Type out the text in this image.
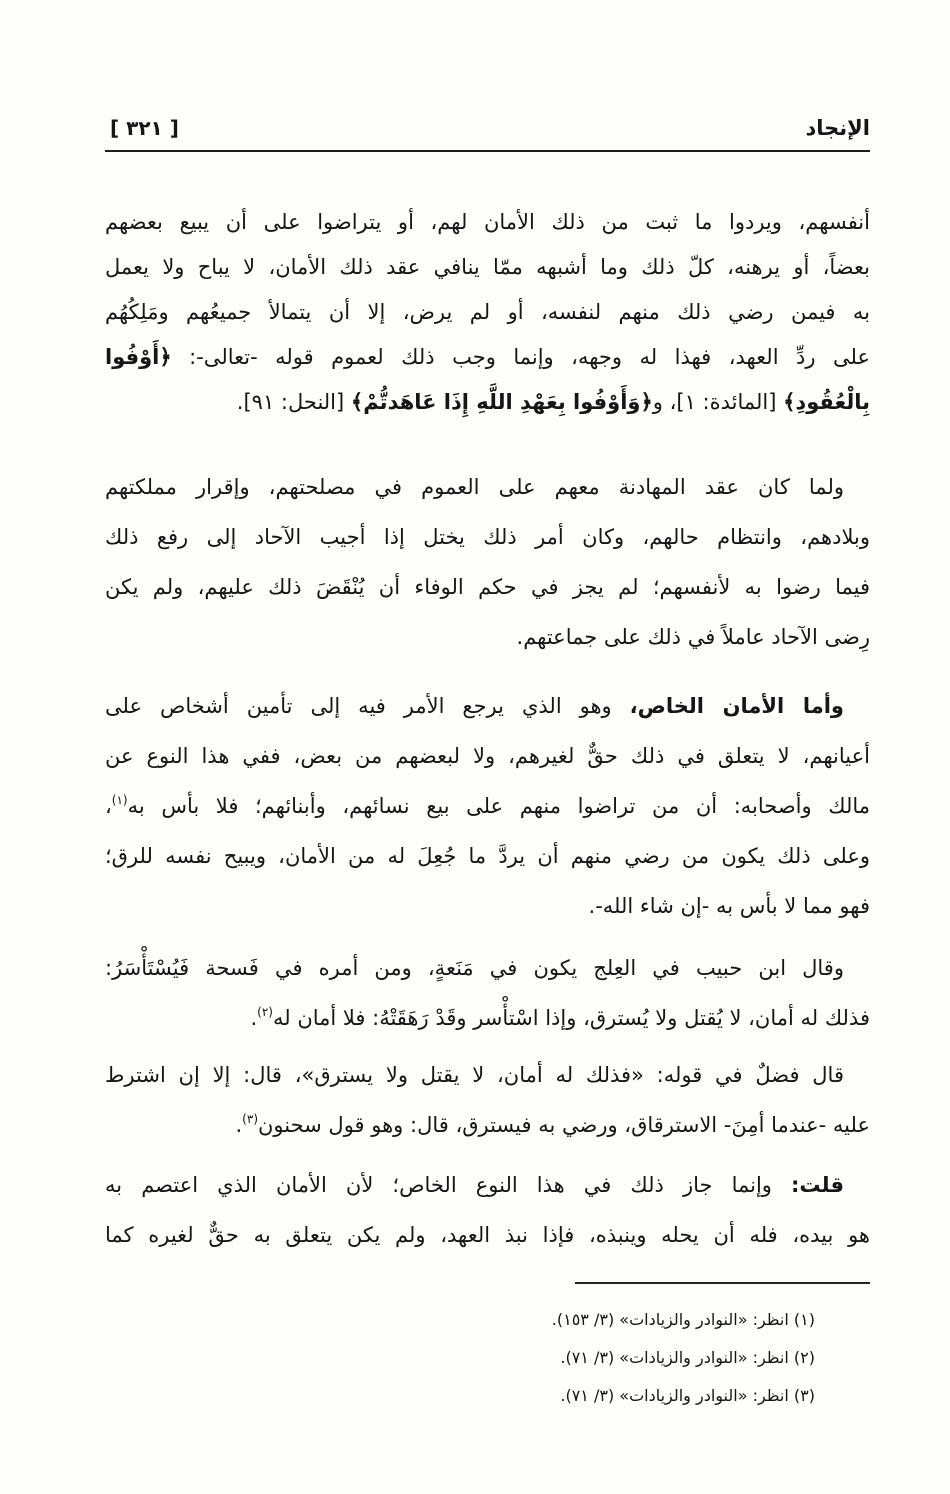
الإنجاد
[ ٣٢١ ]
أنفسهم، ويردوا ما ثبت من ذلك الأمان لهم، أو يتراضوا على أن يبيع بعضهم
بعضاً، أو يرهنه، كلّ ذلك وما أشبهه ممّا ينافي عقد ذلك الأمان، لا يباح ولا يعمل
به فيمن رضي ذلك منهم لنفسه، أو لم يرض، إلا أن يتمالأ جميعُهم ومَلِكُهُم
على ردِّ العهد، فهذا له وجهه، وإنما وجب ذلك لعموم قوله -تعالى-: ﴿أَوْفُوا
بِالْعُقُودِ﴾ [المائدة: ١]، و﴿وَأَوْفُوا بِعَهْدِ اللَّهِ إِذَا عَاهَدتُّمْ﴾ [النحل: ٩١].
ولما كان عقد المهادنة معهم على العموم في مصلحتهم، وإقرار مملكتهم
وبلادهم، وانتظام حالهم، وكان أمر ذلك يختل إذا أجيب الآحاد إلى رفع ذلك
فيما رضوا به لأنفسهم؛ لم يجز في حكم الوفاء أن يُنْقَضَ ذلك عليهم، ولم يكن
رِضى الآحاد عاملاً في ذلك على جماعتهم.
وأما الأمان الخاص، وهو الذي يرجع الأمر فيه إلى تأمين أشخاص على
أعيانهم، لا يتعلق في ذلك حقٌّ لغيرهم، ولا لبعضهم من بعض، ففي هذا النوع عن
مالك وأصحابه: أن من تراضوا منهم على بيع نسائهم، وأبنائهم؛ فلا بأس به$^{(١)}$،
وعلى ذلك يكون من رضي منهم أن يردَّ ما جُعِلَ له من الأمان، ويبيح نفسه للرق؛
فهو مما لا بأس به -إن شاء الله-.
وقال ابن حبيب في العِلج يكون في مَنَعةٍ، ومن أمره في فَسحة فَيُسْتَأْسَرُ:
فذلك له أمان، لا يُقتل ولا يُسترق، وإذا اسْتأْسر وقَدْ رَهَقَتْهُ: فلا أمان له$^{(٢)}$.
قال فضلٌ في قوله: «فذلك له أمان، لا يقتل ولا يسترق»، قال: إلا إن اشترط
عليه -عندما أمِنَ- الاسترقاق، ورضي به فيسترق، قال: وهو قول سحنون$^{(٣)}$.
قلت: وإنما جاز ذلك في هذا النوع الخاص؛ لأن الأمان الذي اعتصم به
هو بيده، فله أن يحله وينبذه، فإذا نبذ العهد، ولم يكن يتعلق به حقٌّ لغيره كما
(١) انظر: «النوادر والزيادات» (٣/ ١٥٣).
(٢) انظر: «النوادر والزيادات» (٣/ ٧١).
(٣) انظر: «النوادر والزيادات» (٣/ ٧١).
